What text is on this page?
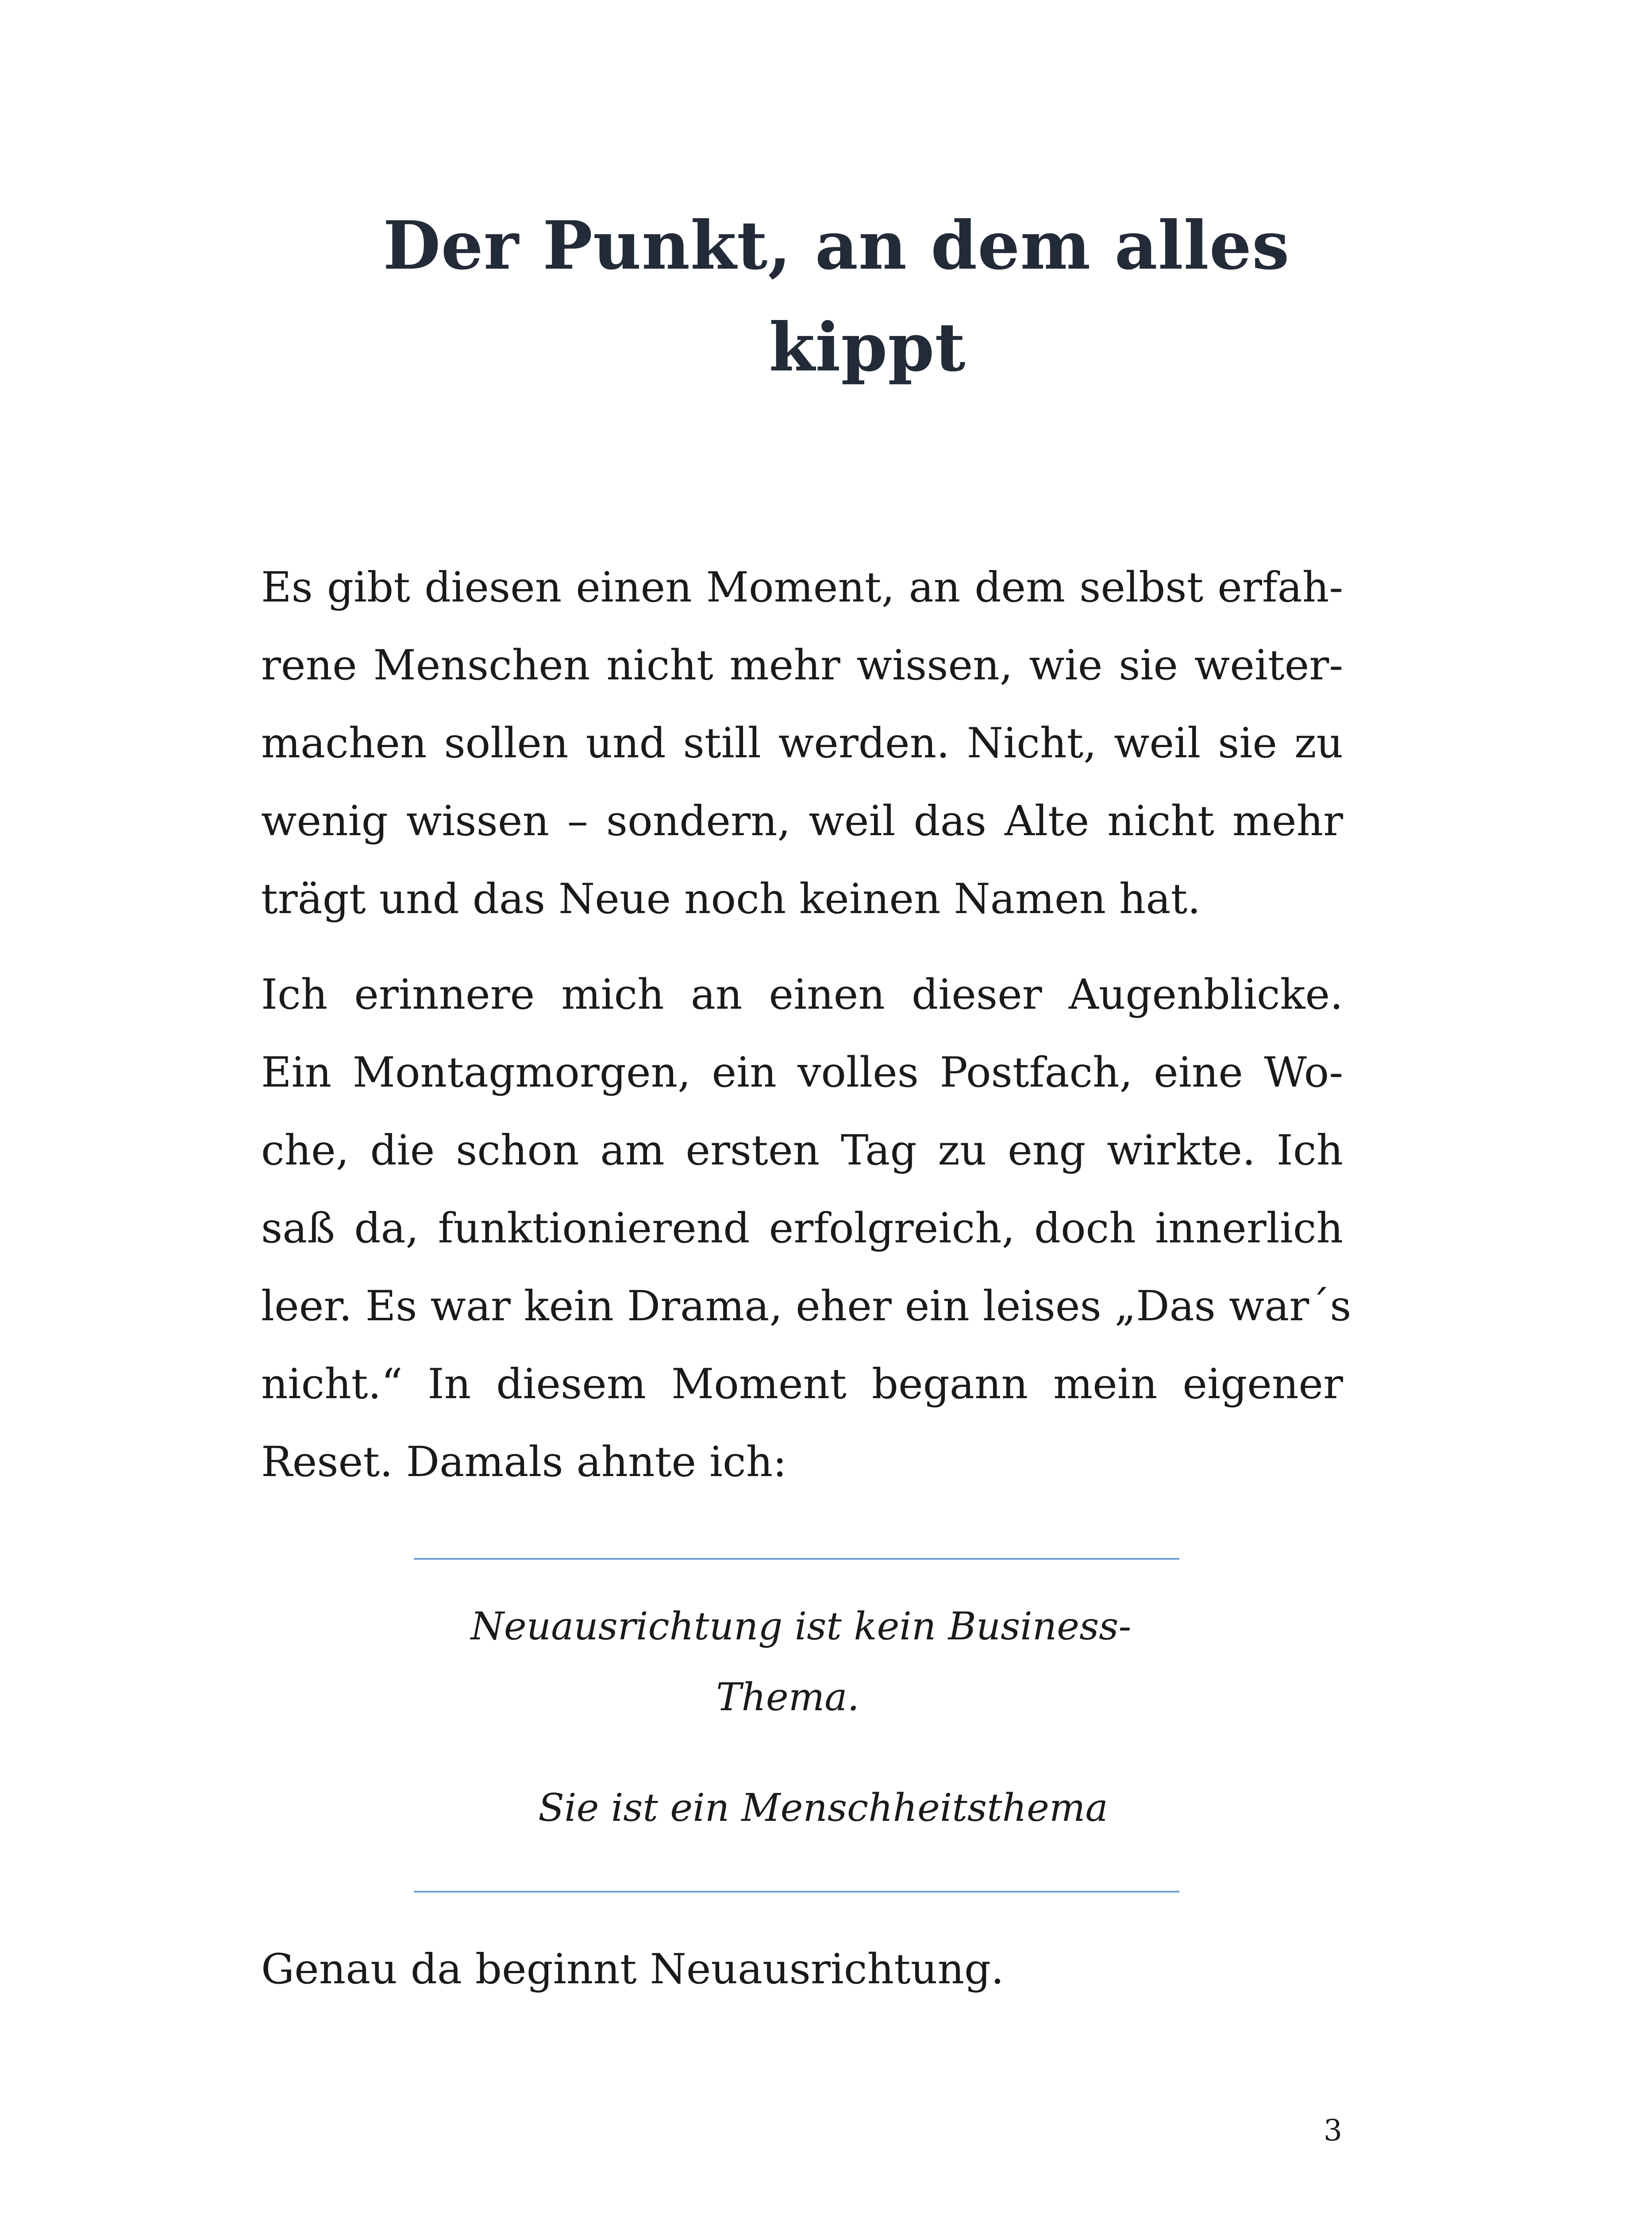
Der Punkt, an dem alles
kippt

Es gibt diesen einen Moment, an dem selbst erfah-
rene Menschen nicht mehr wissen, wie sie weiter-
machen sollen und still werden. Nicht, weil sie zu
wenig wissen – sondern, weil das Alte nicht mehr
trägt und das Neue noch keinen Namen hat.

Ich erinnere mich an einen dieser Augenblicke.
Ein Montagmorgen, ein volles Postfach, eine Wo-
che, die schon am ersten Tag zu eng wirkte. Ich
saß da, funktionierend erfolgreich, doch innerlich
leer. Es war kein Drama, eher ein leises „Das war´s
nicht.“ In diesem Moment begann mein eigener
Reset. Damals ahnte ich:

Neuausrichtung ist kein Business-
Thema.

Sie ist ein Menschheitsthema

Genau da beginnt Neuausrichtung.

3
